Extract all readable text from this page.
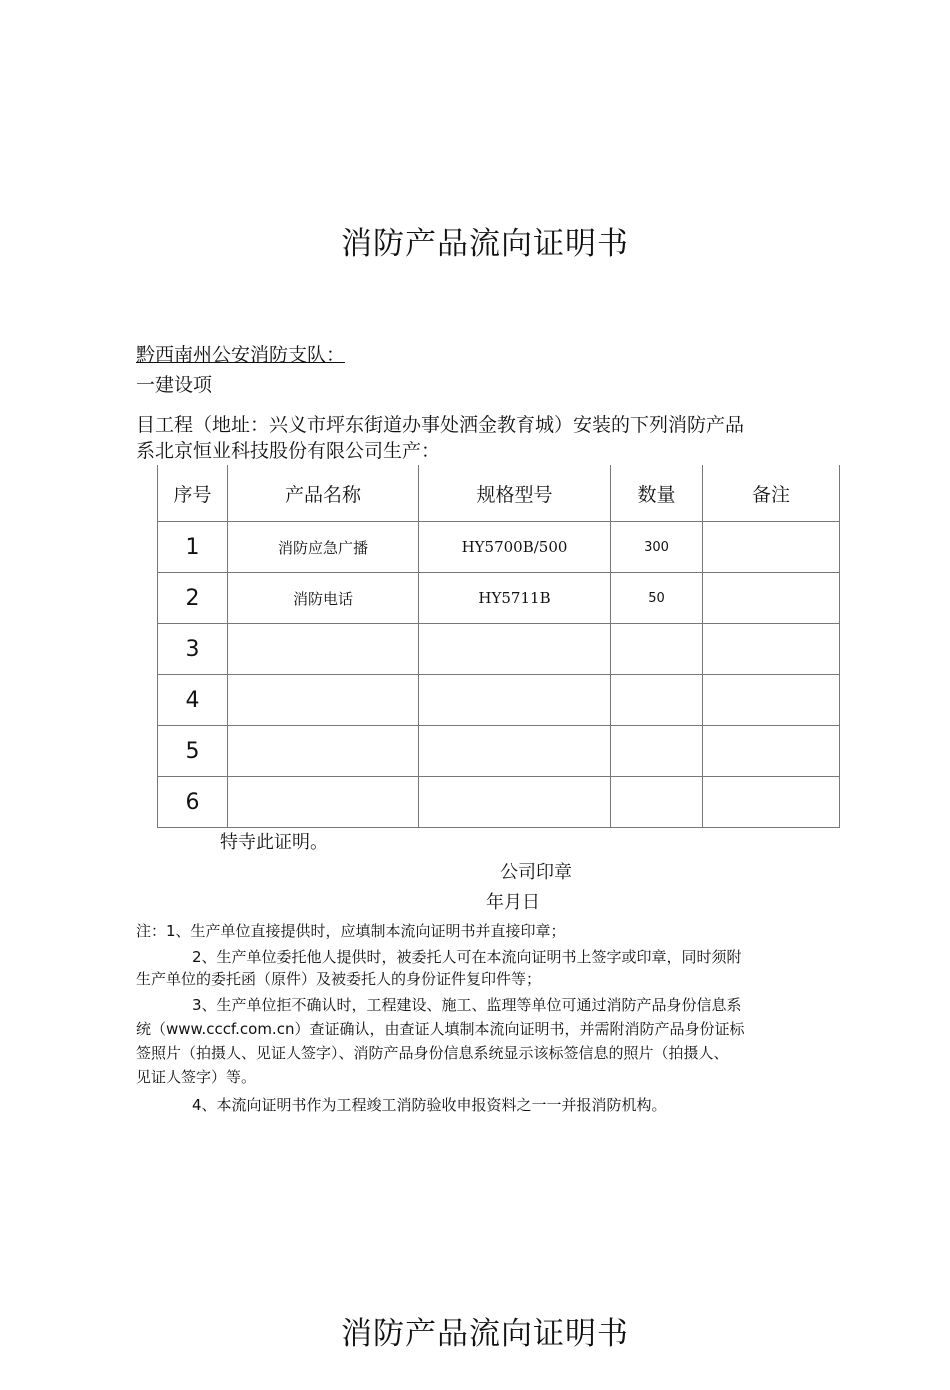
消防产品流向证明书
黔西南州公安消防支队：
一建设项
目工程（地址：兴义市坪东街道办事处洒金教育城）安装的下列消防产品
系北京恒业科技股份有限公司生产：
序号	产品名称	规格型号	数量	备注
1	消防应急广播	HY5700B/500	300	
2	消防电话	HY5711B	50	
3				
4				
5				
6				
特寺此证明。
公司印章
年月日
注：1、生产单位直接提供时，应填制本流向证明书并直接印章；
2、生产单位委托他人提供时，被委托人可在本流向证明书上签字或印章，同时须附
生产单位的委托函（原件）及被委托人的身份证件复印件等；
3、生产单位拒不确认时，工程建设、施工、监理等单位可通过消防产品身份信息系
统（www.cccf.com.cn）查证确认，由查证人填制本流向证明书，并需附消防产品身份证标
签照片（拍摄人、见证人签字）、消防产品身份信息系统显示该标签信息的照片（拍摄人、
见证人签字）等。
4、本流向证明书作为工程竣工消防验收申报资料之一一并报消防机构。
消防产品流向证明书
